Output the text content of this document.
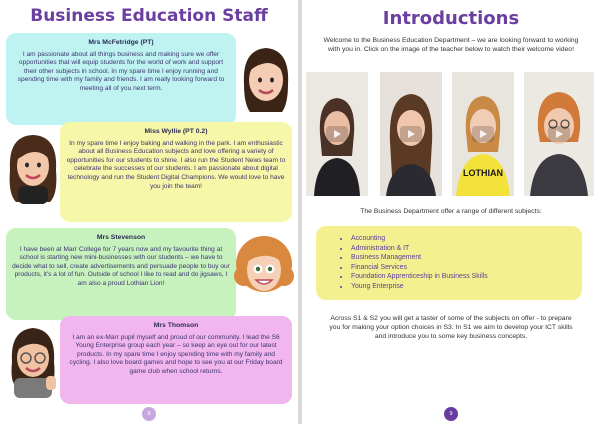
Business Education Staff
Mrs McFetridge (PT)
I am passionate about all things business and making sure we offer opportunities that will equip students for the world of work and support their other subjects in school. In my spare time I enjoy running and spending time with my family and friends. I am really looking forward to meeting all of you next term.
Miss Wyllie (PT 0.2)
In my spare time I enjoy baking and walking in the park. I am enthusiastic about all Business Education subjects and love offering a variety of opportunities for our students to shine. I also run the Student News team to celebrate the successes of our students. I am passionate about digital technology and run the Student Digital Champions. We would love to have you join the team!
Mrs Stevenson
I have been at Marr College for 7 years now and my favourite thing at school is starting new mini-businesses with our students – we have to decide what to sell, create advertisements and persuade people to buy our products, it's a lot of fun. Outside of school I like to read and do jigsaws, I am also a proud Lothian Lion!
Mrs Thomson
I am an ex-Marr pupil myself and proud of our community. I lead the S6 Young Enterprise group each year – so keep an eye out for our latest products. In my spare time I enjoy spending time with my family and cycling. I also love board games and hope to see you at our Friday board game club when school returns.
8
Introductions
Welcome to the Business Education Department – we are looking forward to working with you in. Click on the image of the teacher below to watch their welcome video!
LOTHIAN
The Business Department offer a range of different subjects:
• Accounting
• Administration & IT
• Business Management
• Financial Services
• Foundation Apprenticeship in Business Skills
• Young Enterprise
Across S1 & S2 you will get a taster of some of the subjects on offer - to prepare you for making your option choices in S3. In S1 we aim to develop your ICT skills and introduce you to some key business concepts.
9
